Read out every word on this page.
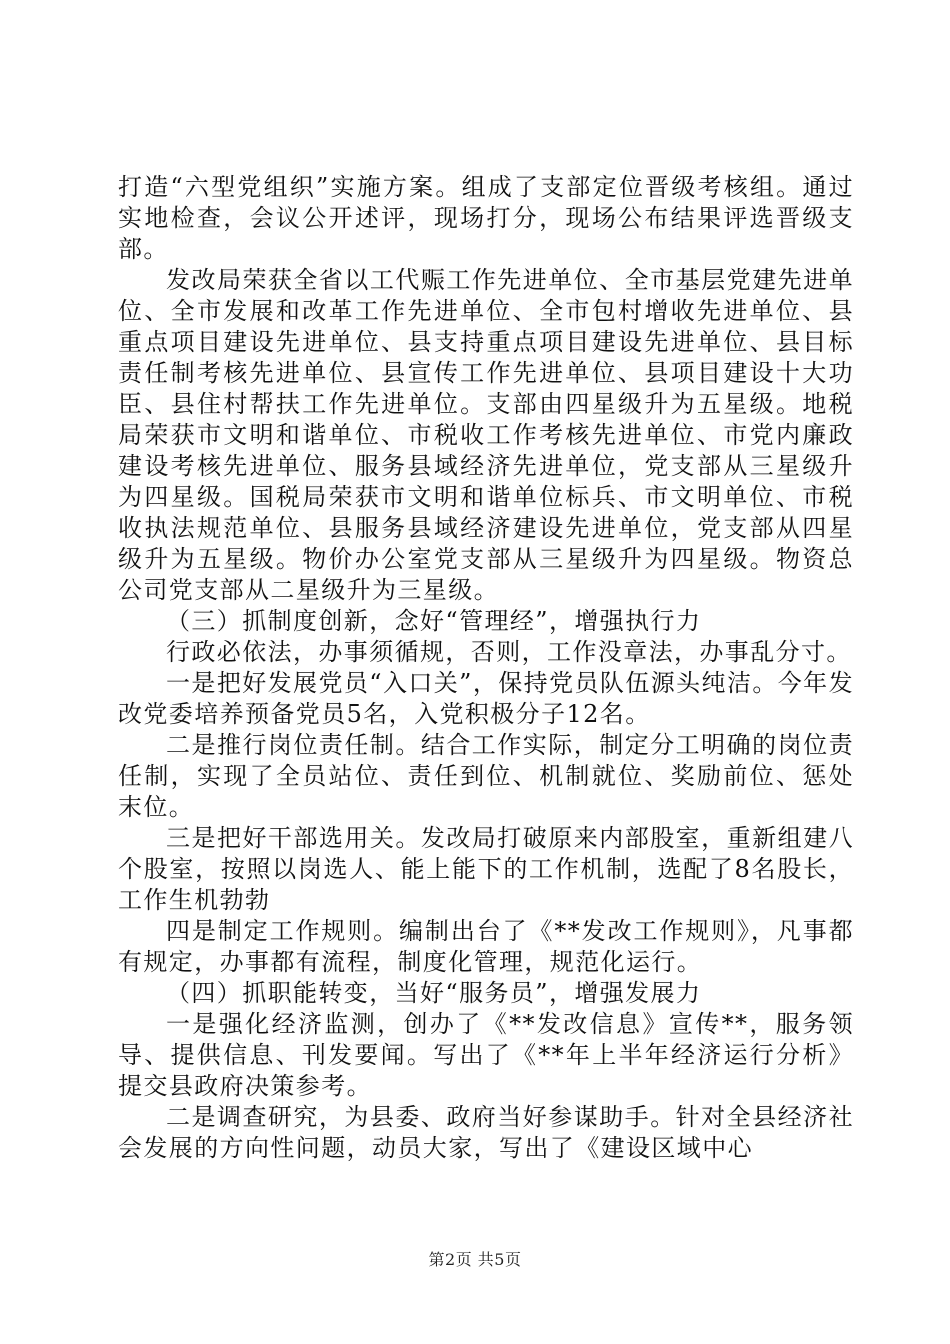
打造“六型党组织”实施方案。组成了支部定位晋级考核组。通过实地检查，会议公开述评，现场打分，现场公布结果评选晋级支部。

发改局荣获全省以工代赈工作先进单位、全市基层党建先进单位、全市发展和改革工作先进单位、全市包村增收先进单位、县重点项目建设先进单位、县支持重点项目建设先进单位、县目标责任制考核先进单位、县宣传工作先进单位、县项目建设十大功臣、县住村帮扶工作先进单位。支部由四星级升为五星级。地税局荣获市文明和谐单位、市税收工作考核先进单位、市党内廉政建设考核先进单位、服务县域经济先进单位，党支部从三星级升为四星级。国税局荣获市文明和谐单位标兵、市文明单位、市税收执法规范单位、县服务县域经济建设先进单位，党支部从四星级升为五星级。物价办公室党支部从三星级升为四星级。物资总公司党支部从二星级升为三星级。

（三）抓制度创新，念好“管理经”，增强执行力

行政必依法，办事须循规，否则，工作没章法，办事乱分寸。

一是把好发展党员“入口关”，保持党员队伍源头纯洁。今年发改党委培养预备党员5名，入党积极分子12名。

二是推行岗位责任制。结合工作实际，制定分工明确的岗位责任制，实现了全员站位、责任到位、机制就位、奖励前位、惩处末位。

三是把好干部选用关。发改局打破原来内部股室，重新组建八个股室，按照以岗选人、能上能下的工作机制，选配了8名股长，工作生机勃勃

四是制定工作规则。编制出台了《**发改工作规则》，凡事都有规定，办事都有流程，制度化管理，规范化运行。

（四）抓职能转变，当好“服务员”，增强发展力

一是强化经济监测，创办了《**发改信息》宣传**，服务领导、提供信息、刊发要闻。写出了《**年上半年经济运行分析》提交县政府决策参考。

二是调查研究，为县委、政府当好参谋助手。针对全县经济社会发展的方向性问题，动员大家，写出了《建设区域中心

第2页 共5页
